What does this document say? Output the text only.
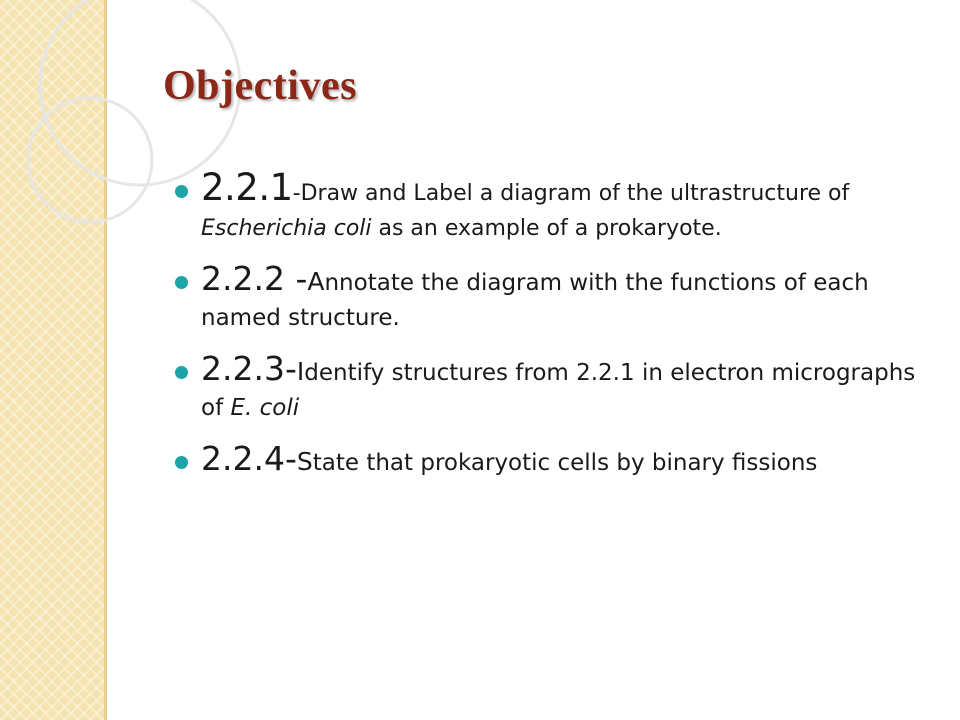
Objectives
2.2.1-Draw and Label a diagram of the ultrastructure of Escherichia coli as an example of a prokaryote.
2.2.2 -Annotate the diagram with the functions of each named structure.
2.2.3-Identify structures from 2.2.1 in electron micrographs of E. coli
2.2.4-State that prokaryotic cells by binary fissions
